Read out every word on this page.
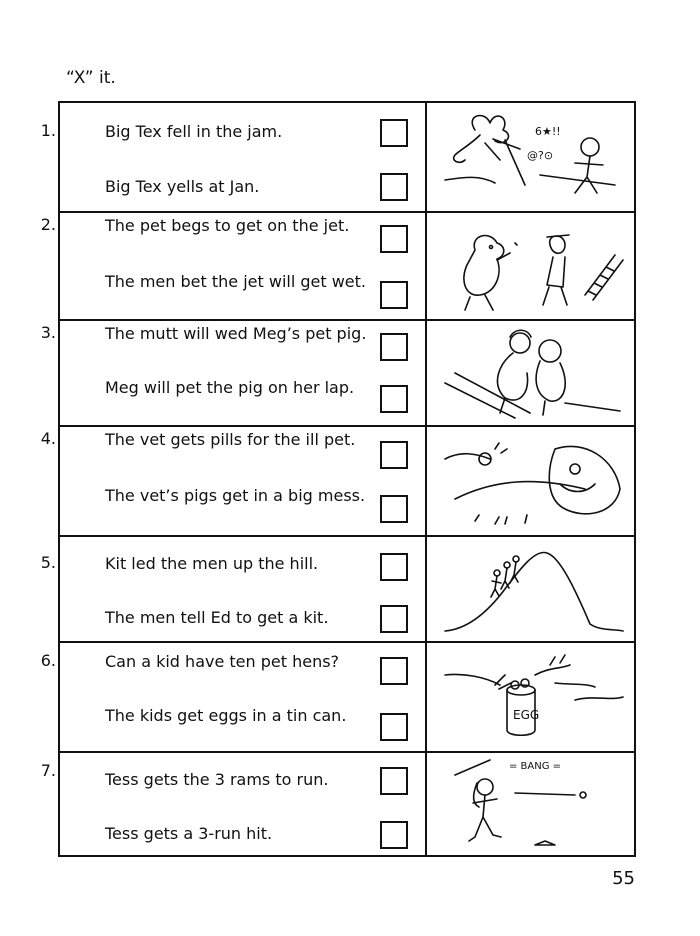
“X” it.
1.	Big Tex fell in the jam.
Big Tex yells at Jan.
6★!!
@?⊙
2.	The pet begs to get on the jet.
The men bet the jet will get wet.
3.	The mutt will wed Meg’s pet pig.
Meg will pet the pig on her lap.
4.	The vet gets pills for the ill pet.
The vet’s pigs get in a big mess.
5.	Kit led the men up the hill.
The men tell Ed to get a kit.
6.	Can a kid have ten pet hens?
The kids get eggs in a tin can.	EGG
7.	Tess gets the 3 rams to run.
Tess gets a 3-run hit.
= BANG =
55
